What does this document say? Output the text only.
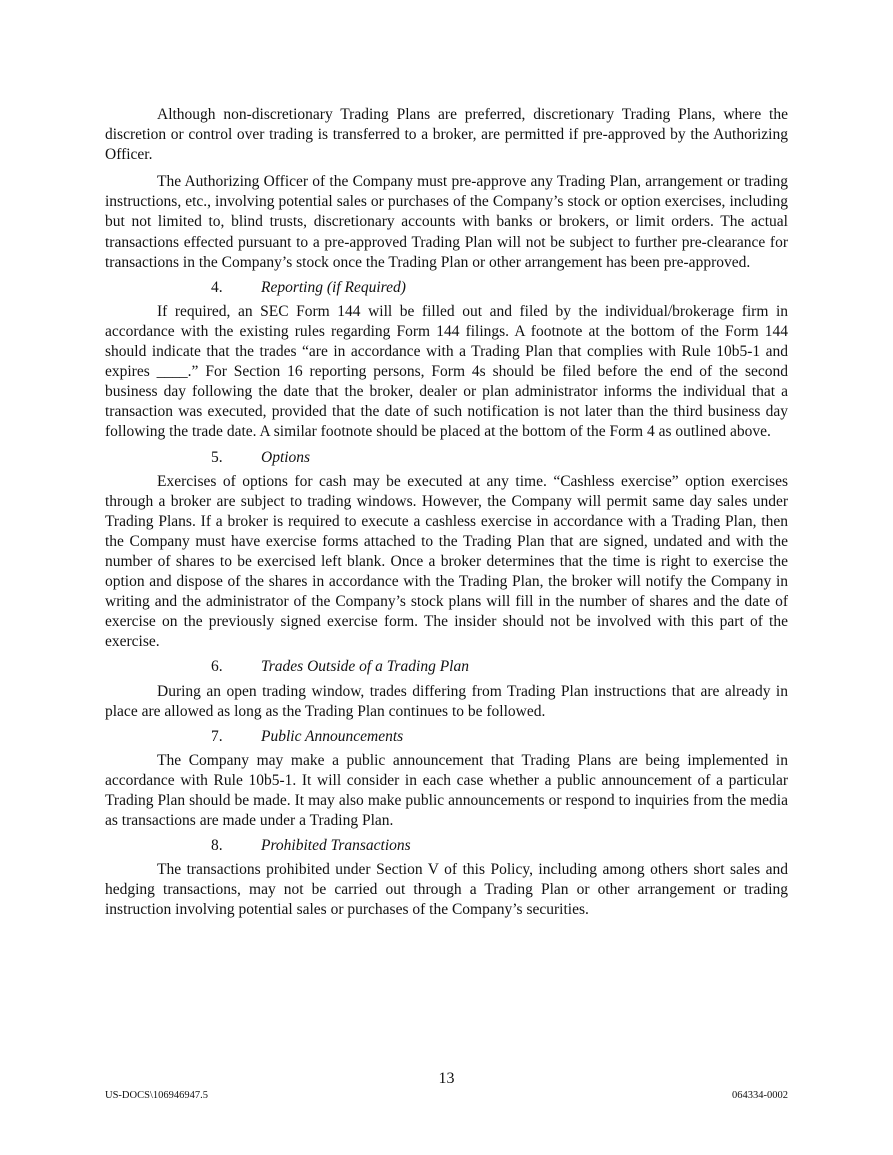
Although non-discretionary Trading Plans are preferred, discretionary Trading Plans, where the discretion or control over trading is transferred to a broker, are permitted if pre-approved by the Authorizing Officer.

The Authorizing Officer of the Company must pre-approve any Trading Plan, arrangement or trading instructions, etc., involving potential sales or purchases of the Company’s stock or option exercises, including but not limited to, blind trusts, discretionary accounts with banks or brokers, or limit orders. The actual transactions effected pursuant to a pre-approved Trading Plan will not be subject to further pre-clearance for transactions in the Company’s stock once the Trading Plan or other arrangement has been pre-approved.

4.	Reporting (if Required)

If required, an SEC Form 144 will be filled out and filed by the individual/brokerage firm in accordance with the existing rules regarding Form 144 filings. A footnote at the bottom of the Form 144 should indicate that the trades “are in accordance with a Trading Plan that complies with Rule 10b5-1 and expires ____.” For Section 16 reporting persons, Form 4s should be filed before the end of the second business day following the date that the broker, dealer or plan administrator informs the individual that a transaction was executed, provided that the date of such notification is not later than the third business day following the trade date. A similar footnote should be placed at the bottom of the Form 4 as outlined above.

5.	Options

Exercises of options for cash may be executed at any time. “Cashless exercise” option exercises through a broker are subject to trading windows. However, the Company will permit same day sales under Trading Plans. If a broker is required to execute a cashless exercise in accordance with a Trading Plan, then the Company must have exercise forms attached to the Trading Plan that are signed, undated and with the number of shares to be exercised left blank. Once a broker determines that the time is right to exercise the option and dispose of the shares in accordance with the Trading Plan, the broker will notify the Company in writing and the administrator of the Company’s stock plans will fill in the number of shares and the date of exercise on the previously signed exercise form. The insider should not be involved with this part of the exercise.

6.	Trades Outside of a Trading Plan

During an open trading window, trades differing from Trading Plan instructions that are already in place are allowed as long as the Trading Plan continues to be followed.

7.	Public Announcements

The Company may make a public announcement that Trading Plans are being implemented in accordance with Rule 10b5-1. It will consider in each case whether a public announcement of a particular Trading Plan should be made. It may also make public announcements or respond to inquiries from the media as transactions are made under a Trading Plan.

8.	Prohibited Transactions

The transactions prohibited under Section V of this Policy, including among others short sales and hedging transactions, may not be carried out through a Trading Plan or other arrangement or trading instruction involving potential sales or purchases of the Company’s securities.

13
US-DOCS\106946947.5	064334-0002
